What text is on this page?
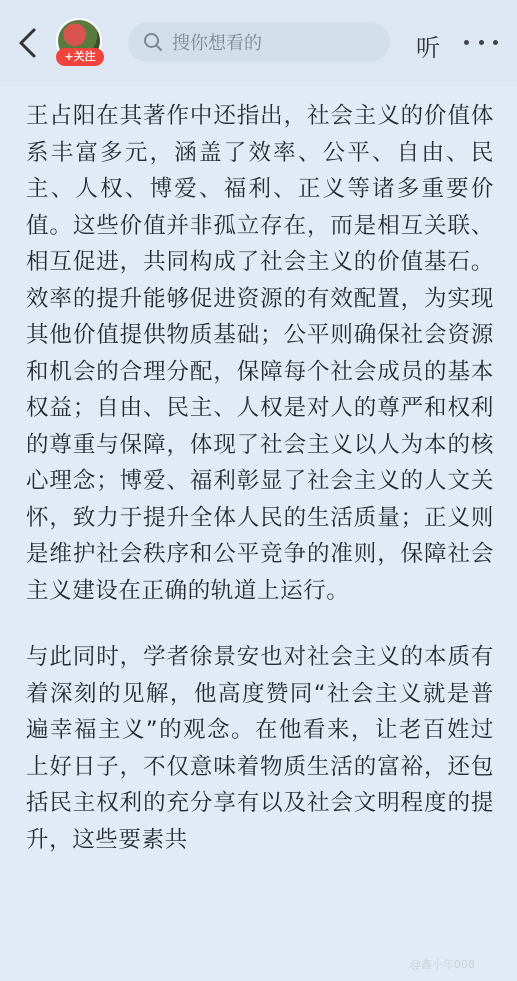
+关注
搜你想看的	听

王占阳在其著作中还指出，社会主义的价值体系丰富多元，涵盖了效率、公平、自由、民主、人权、博爱、福利、正义等诸多重要价值。这些价值并非孤立存在，而是相互关联、相互促进，共同构成了社会主义的价值基石。效率的提升能够促进资源的有效配置，为实现其他价值提供物质基础；公平则确保社会资源和机会的合理分配，保障每个社会成员的基本权益；自由、民主、人权是对人的尊严和权利的尊重与保障，体现了社会主义以人为本的核心理念；博爱、福利彰显了社会主义的人文关怀，致力于提升全体人民的生活质量；正义则是维护社会秩序和公平竞争的准则，保障社会主义建设在正确的轨道上运行。

与此同时，学者徐景安也对社会主义的本质有着深刻的见解，他高度赞同“社会主义就是普遍幸福主义”的观念。在他看来，让老百姓过上好日子，不仅意味着物质生活的富裕，还包括民主权利的充分享有以及社会文明程度的提升，这些要素共

@鑫小年008
